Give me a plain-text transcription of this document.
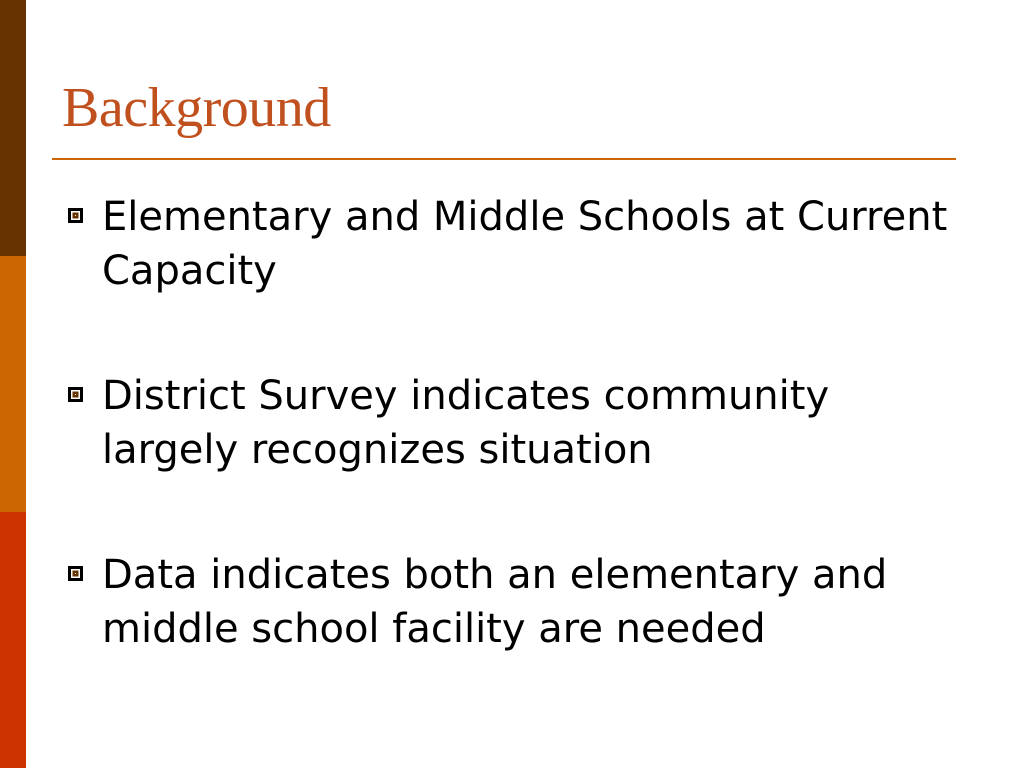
Background
Elementary and Middle Schools at Current Capacity
District Survey indicates community largely recognizes situation
Data indicates both an elementary and middle school facility are needed
